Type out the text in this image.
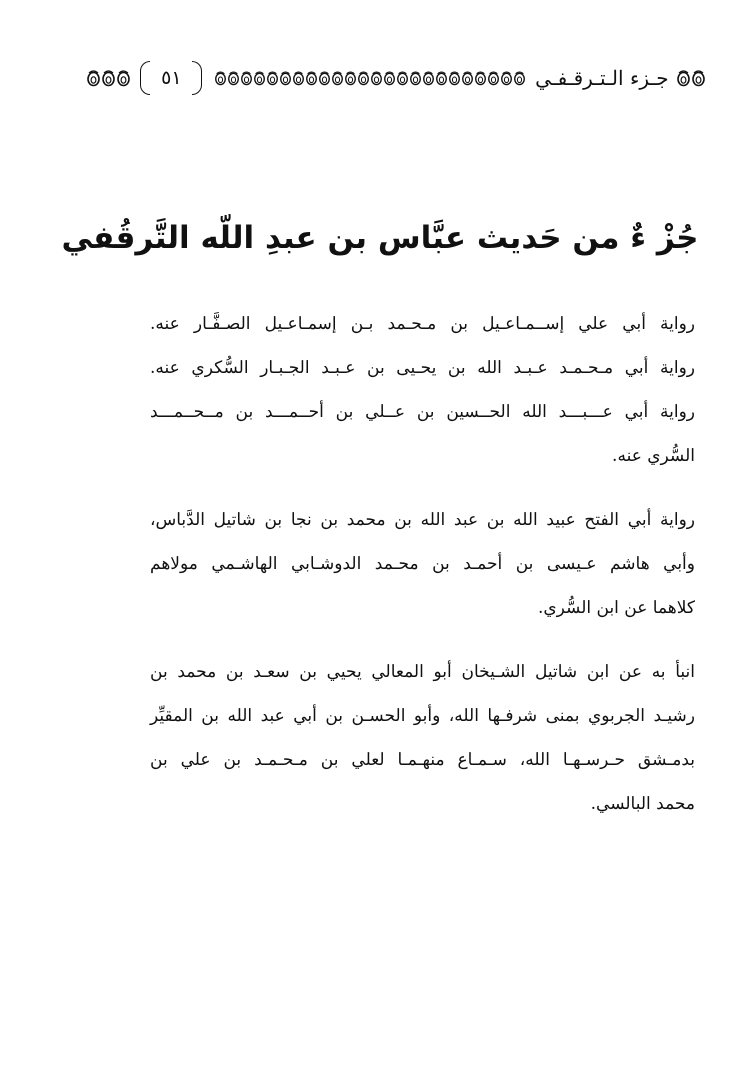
٥١	جـزء الـتـرقـفـي
جُزْ ءٌ من حَديث عبَّاس بن عبدِ اللّه التَّرقُفي

رواية أبي علي إســمـاعـيل بن مـحـمد بـن إسمـاعـيل الصـفَّـار عنه.
رواية أبي مـحـمـد عـبـد الله بن يحـيى بن عـبـد الجـبـار السُّكري عنه.
رواية أبي عـــبـــد الله الحــسين بن عــلي بن أحــمـــد بن مــحــمـــد
السُّري عنه.

رواية أبي الفتح عبيد الله بن عبد الله بن محمد بن نجا بن شاتيل الدَّباس،
وأبي هاشم عـيسى بن أحمـد بن محـمد الدوشـابي الهاشـمي مولاهم
كلاهما عن ابن السُّري.

انبأ به عن ابن شاتيل الشـيخان أبو المعالي يحيي بن سعـد بن محمد بن
رشيـد الجربوي بمنى شرفـها الله، وأبو الحسـن بن أبي عبد الله بن المقيِّر
بدمـشق حـرسـهـا الله، سـمـاع منهـمـا لعلي بن مـحـمـد بن علي بن
محمد البالسي.
